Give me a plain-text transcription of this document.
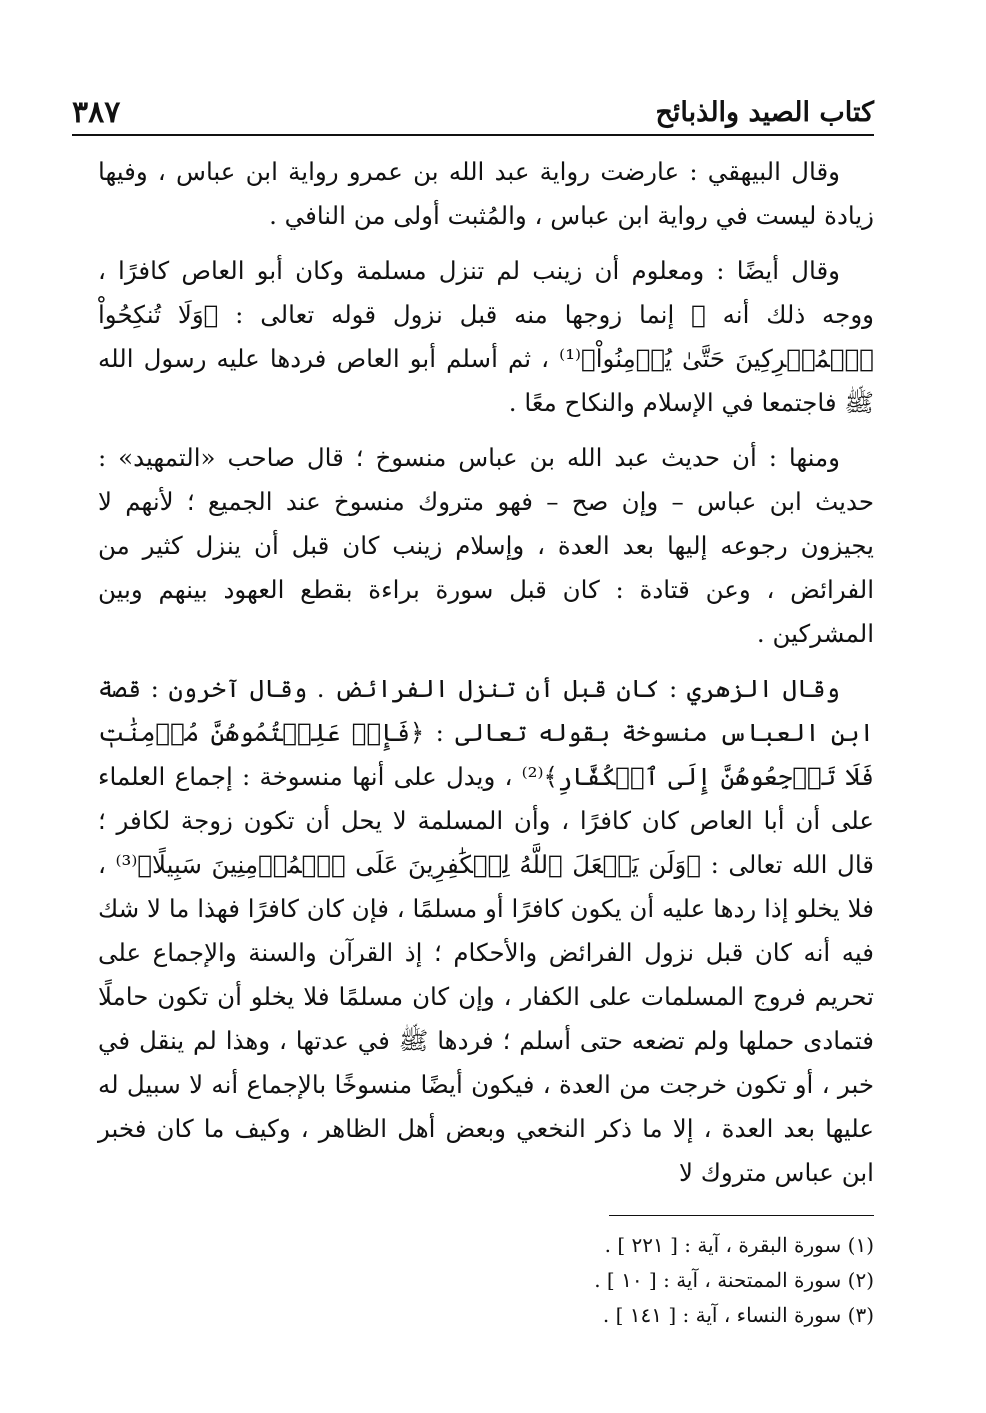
كتاب الصيد والذبائح
٣٨٧

وقال البيهقي : عارضت رواية عبد الله بن عمرو رواية ابن عباس ، وفيها زيادة ليست في رواية ابن عباس ، والمُثبت أولى من النافي .

وقال أيضًا : ومعلوم أن زينب لم تنزل مسلمة وكان أبو العاص كافرًا ، ووجه ذلك أنه ﷺ إنما زوجها منه قبل نزول قوله تعالى : ﴿وَلَا تُنكِحُواْ ٱلۡمُشۡرِكِينَ حَتَّىٰ يُؤۡمِنُواْ﴾⁽¹⁾ ، ثم أسلم أبو العاص فردها عليه رسول الله ﷺ فاجتمعا في الإسلام والنكاح معًا .

ومنها : أن حديث عبد الله بن عباس منسوخ ؛ قال صاحب «التمهيد» : حديث ابن عباس – وإن صح – فهو متروك منسوخ عند الجميع ؛ لأنهم لا يجيزون رجوعه إليها بعد العدة ، وإسلام زينب كان قبل أن ينزل كثير من الفرائض ، وعن قتادة : كان قبل سورة براءة بقطع العهود بينهم وبين المشركين .

وقال الزهري : كان قبل أن تنزل الفرائض . وقال آخرون : قصة ابن العباس منسوخة بقوله تعالى : ﴿فَإِنۡ عَلِمۡتُمُوهُنَّ مُؤۡمِنَٰتٖ فَلَا تَرۡجِعُوهُنَّ إِلَى ٱلۡكُفَّارِ﴾⁽²⁾ ، ويدل على أنها منسوخة : إجماع العلماء على أن أبا العاص كان كافرًا ، وأن المسلمة لا يحل أن تكون زوجة لكافر ؛ قال الله تعالى : ﴿وَلَن يَجۡعَلَ ٱللَّهُ لِلۡكَٰفِرِينَ عَلَى ٱلۡمُؤۡمِنِينَ سَبِيلًا﴾⁽³⁾ ، فلا يخلو إذا ردها عليه أن يكون كافرًا أو مسلمًا ، فإن كان كافرًا فهذا ما لا شك فيه أنه كان قبل نزول الفرائض والأحكام ؛ إذ القرآن والسنة والإجماع على تحريم فروج المسلمات على الكفار ، وإن كان مسلمًا فلا يخلو أن تكون حاملًا فتمادى حملها ولم تضعه حتى أسلم ؛ فردها ﷺ في عدتها ، وهذا لم ينقل في خبر ، أو تكون خرجت من العدة ، فيكون أيضًا منسوخًا بالإجماع أنه لا سبيل له عليها بعد العدة ، إلا ما ذكر النخعي وبعض أهل الظاهر ، وكيف ما كان فخبر ابن عباس متروك لا

(١) سورة البقرة ، آية : [ ٢٢١ ] .

(٢) سورة الممتحنة ، آية : [ ١٠ ] .

(٣) سورة النساء ، آية : [ ١٤١ ] .
